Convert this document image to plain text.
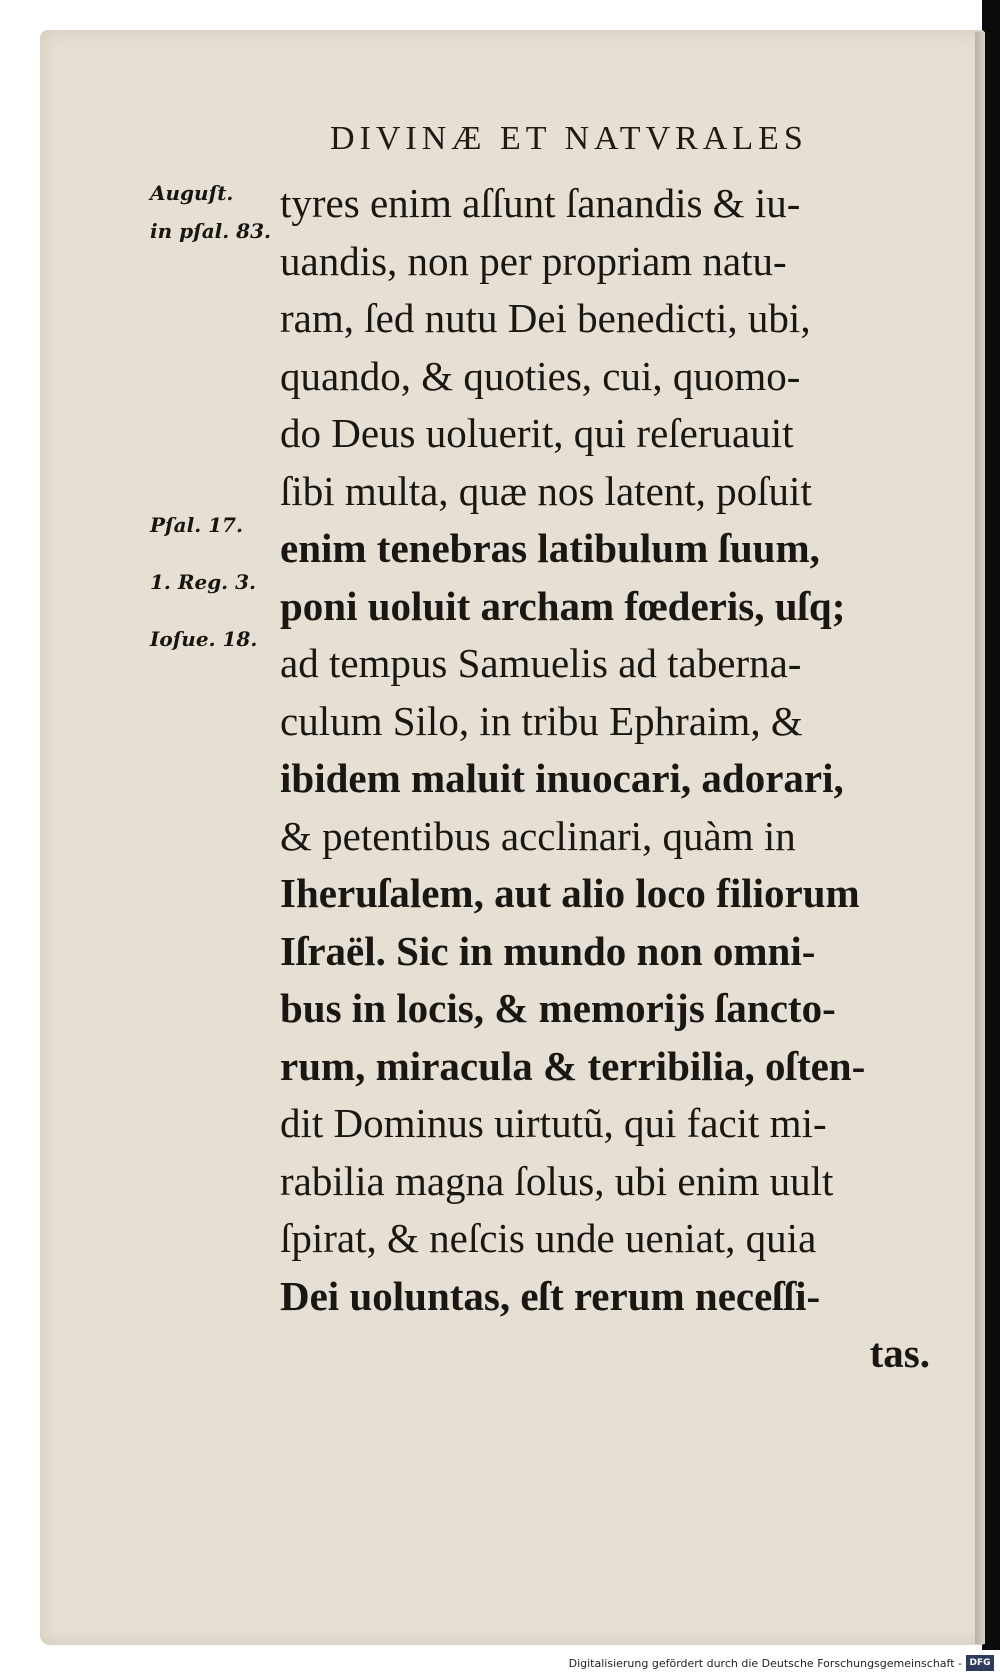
DIVINÆ ET NATVRALES
Auguſt.
in pſal. 83.
Pſal. 17.
1. Reg. 3.
Ioſue. 18.
tyres enim aſſunt ſanandis & iu-
uandis, non per propriam natu-
ram, ſed nutu Dei benedicti, ubi,
quando, & quoties, cui, quomo-
do Deus uoluerit, qui reſeruauit
ſibi multa, quæ nos latent, poſuit
enim tenebras latibulum ſuum,
poni uoluit archam fœderis, uſq;
ad tempus Samuelis ad taberna-
culum Silo, in tribu Ephraim, &
ibidem maluit inuocari, adorari,
& petentibus acclinari, quàm in
Iheruſalem, aut alio loco filiorum
Iſraël. Sic in mundo non omni-
bus in locis, & memorijs ſancto-
rum, miracula & terribilia, oſten-
dit Dominus uirtutũ, qui facit mi-
rabilia magna ſolus, ubi enim uult
ſpirat, & neſcis unde ueniat, quia
Dei uoluntas, eſt rerum neceſſi-
tas.
Digitalisierung gefördert durch die Deutsche Forschungsgemeinschaft - DFG
